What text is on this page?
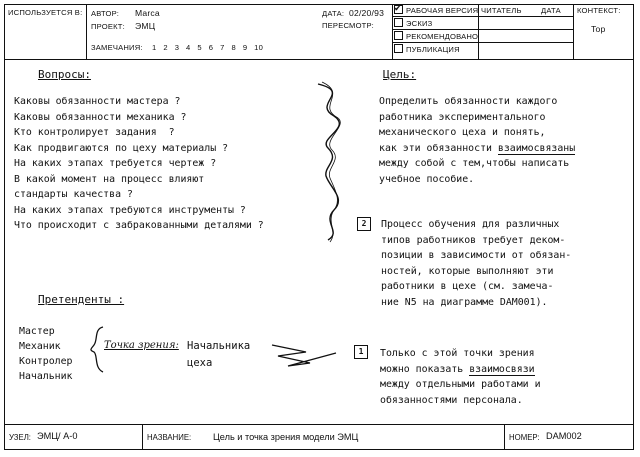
ИСПОЛЬЗУЕТСЯ В: АВТОР: Marca
ПРОЕКТ: ЭМЦ
ЗАМЕЧАНИЯ: 1   2   3   4   5   6   7   8   9   10
ДАТА: 02/20/93
ПЕРЕСМОТР:
✔ РАБОЧАЯ ВЕРСИЯ
ЭСКИЗ
РЕКОМЕНДОВАНО
ПУБЛИКАЦИЯ
ЧИТАТЕЛЬ	ДАТА КОНТЕКСТ:
Top
Вопросы:
Каковы обязанности мастера ?
Каковы обязанности механика ?
Кто контролирует задания  ?
Как продвигаются по цеху материалы ?
На каких этапах требуется чертеж ?
В какой момент на процесс влияют
стандарты качества ?
На каких этапах требуются инструменты ?
Что происходит с забракованными деталями ?
Цель:
Определить обязанности каждого
работника экспериментального
механического цеха и понять,
как эти обязанности взаимосвязаны
между собой с тем,чтобы написать
учебное пособие.
2	Процесс обучения для различных
типов работников требует деком-
позиции в зависимости от обязан-
ностей, которые выполняют эти
работники в цехе (см. замеча-
ние N5 на диаграмме DAM001).
Претенденты :
Мастер
Механик
Контролер
Начальник
Точка зрения: Начальника
цеха
1	Только с этой точки зрения
можно показать взаимосвязи
между отдельными работами и
обязанностями персонала.
УЗЕЛ: ЭМЦ/ А-0	НАЗВАНИЕ: Цель и точка зрения модели ЭМЦ	НОМЕР: DAM002
